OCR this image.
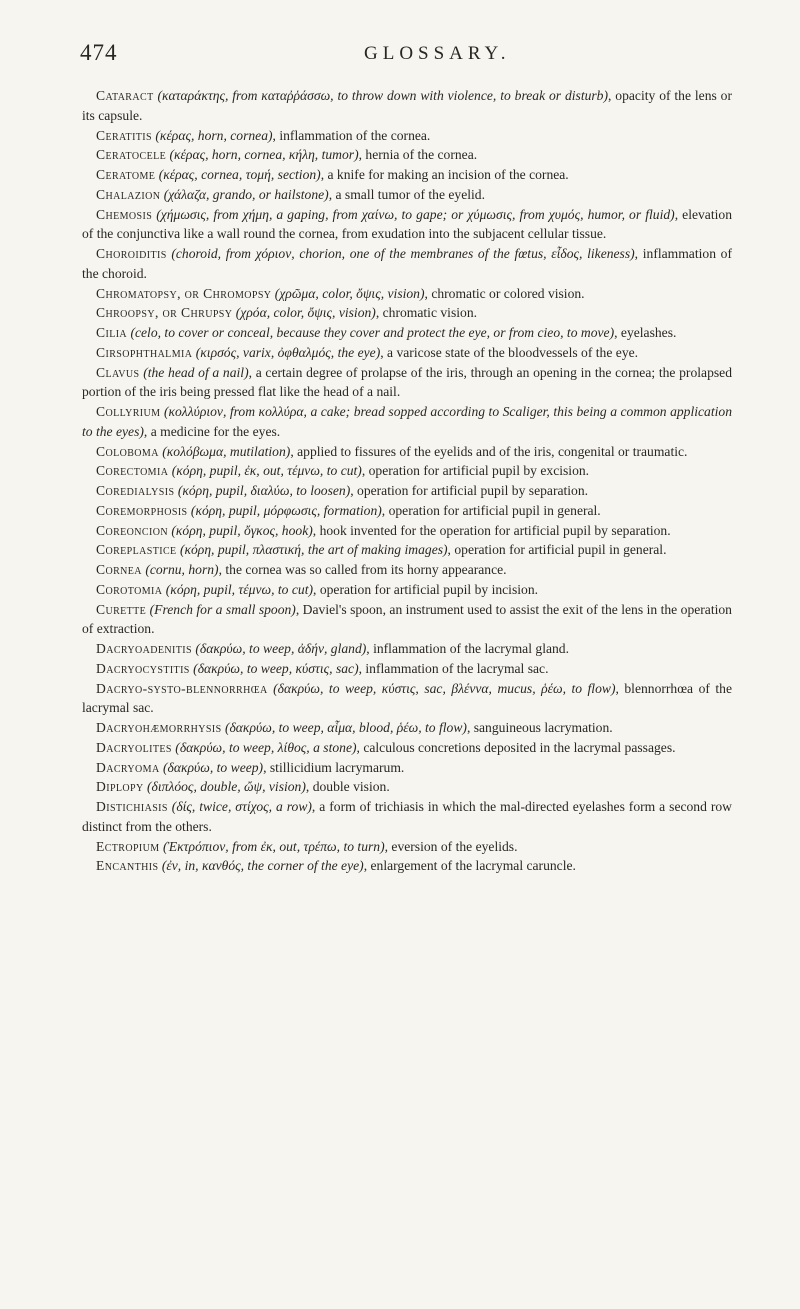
474	GLOSSARY.

Cataract (καταράκτης, from καταῤῥάσσω, to throw down with violence, to break or disturb), opacity of the lens or its capsule.

Ceratitis (κέρας, horn, cornea), inflammation of the cornea.

Ceratocele (κέρας, horn, cornea, κήλη, tumor), hernia of the cornea.

Ceratome (κέρας, cornea, τομή, section), a knife for making an incision of the cornea.

Chalazion (χάλαζα, grando, or hailstone), a small tumor of the eyelid.

Chemosis (χήμωσις, from χήμη, a gaping, from χαίνω, to gape; or χύμωσις, from χυμός, humor, or fluid), elevation of the conjunctiva like a wall round the cornea, from exudation into the subjacent cellular tissue.

Choroiditis (choroid, from χόριον, chorion, one of the membranes of the fœtus, εἶδος, likeness), inflammation of the choroid.

Chromatopsy, or Chromopsy (χρῶμα, color, ὄψις, vision), chromatic or colored vision.

Chroopsy, or Chrupsy (χρόα, color, ὄψις, vision), chromatic vision.

Cilia (celo, to cover or conceal, because they cover and protect the eye, or from cieo, to move), eyelashes.

Cirsophthalmia (κιρσός, varix, ὀφθαλμός, the eye), a varicose state of the bloodvessels of the eye.

Clavus (the head of a nail), a certain degree of prolapse of the iris, through an opening in the cornea; the prolapsed portion of the iris being pressed flat like the head of a nail.

Collyrium (κολλύριον, from κολλύρα, a cake; bread sopped according to Scaliger, this being a common application to the eyes), a medicine for the eyes.

Coloboma (κολόβωμα, mutilation), applied to fissures of the eyelids and of the iris, congenital or traumatic.

Corectomia (κόρη, pupil, ἐκ, out, τέμνω, to cut), operation for artificial pupil by excision.

Coredialysis (κόρη, pupil, διαλύω, to loosen), operation for artificial pupil by separation.

Coremorphosis (κόρη, pupil, μόρφωσις, formation), operation for artificial pupil in general.

Coreoncion (κόρη, pupil, ὄγκος, hook), hook invented for the operation for artificial pupil by separation.

Coreplastice (κόρη, pupil, πλαστική, the art of making images), operation for artificial pupil in general.

Cornea (cornu, horn), the cornea was so called from its horny appearance.

Corotomia (κόρη, pupil, τέμνω, to cut), operation for artificial pupil by incision.

Curette (French for a small spoon), Daviel's spoon, an instrument used to assist the exit of the lens in the operation of extraction.

Dacryoadenitis (δακρύω, to weep, ἀδήν, gland), inflammation of the lacrymal gland.

Dacryocystitis (δακρύω, to weep, κύστις, sac), inflammation of the lacrymal sac.

Dacryo-systo-blennorrhœa (δακρύω, to weep, κύστις, sac, βλέννα, mucus, ῥέω, to flow), blennorrhœa of the lacrymal sac.

Dacryohæmorrhysis (δακρύω, to weep, αἷμα, blood, ῥέω, to flow), sanguineous lacrymation.

Dacryolites (δακρύω, to weep, λίθος, a stone), calculous concretions deposited in the lacrymal passages.

Dacryoma (δακρύω, to weep), stillicidium lacrymarum.

Diplopy (διπλόος, double, ὤψ, vision), double vision.

Distichiasis (δίς, twice, στίχος, a row), a form of trichiasis in which the mal-directed eyelashes form a second row distinct from the others.

Ectropium (Ἐκτρόπιον, from ἐκ, out, τρέπω, to turn), eversion of the eyelids.

Encanthis (ἐν, in, κανθός, the corner of the eye), enlargement of the lacrymal caruncle.
